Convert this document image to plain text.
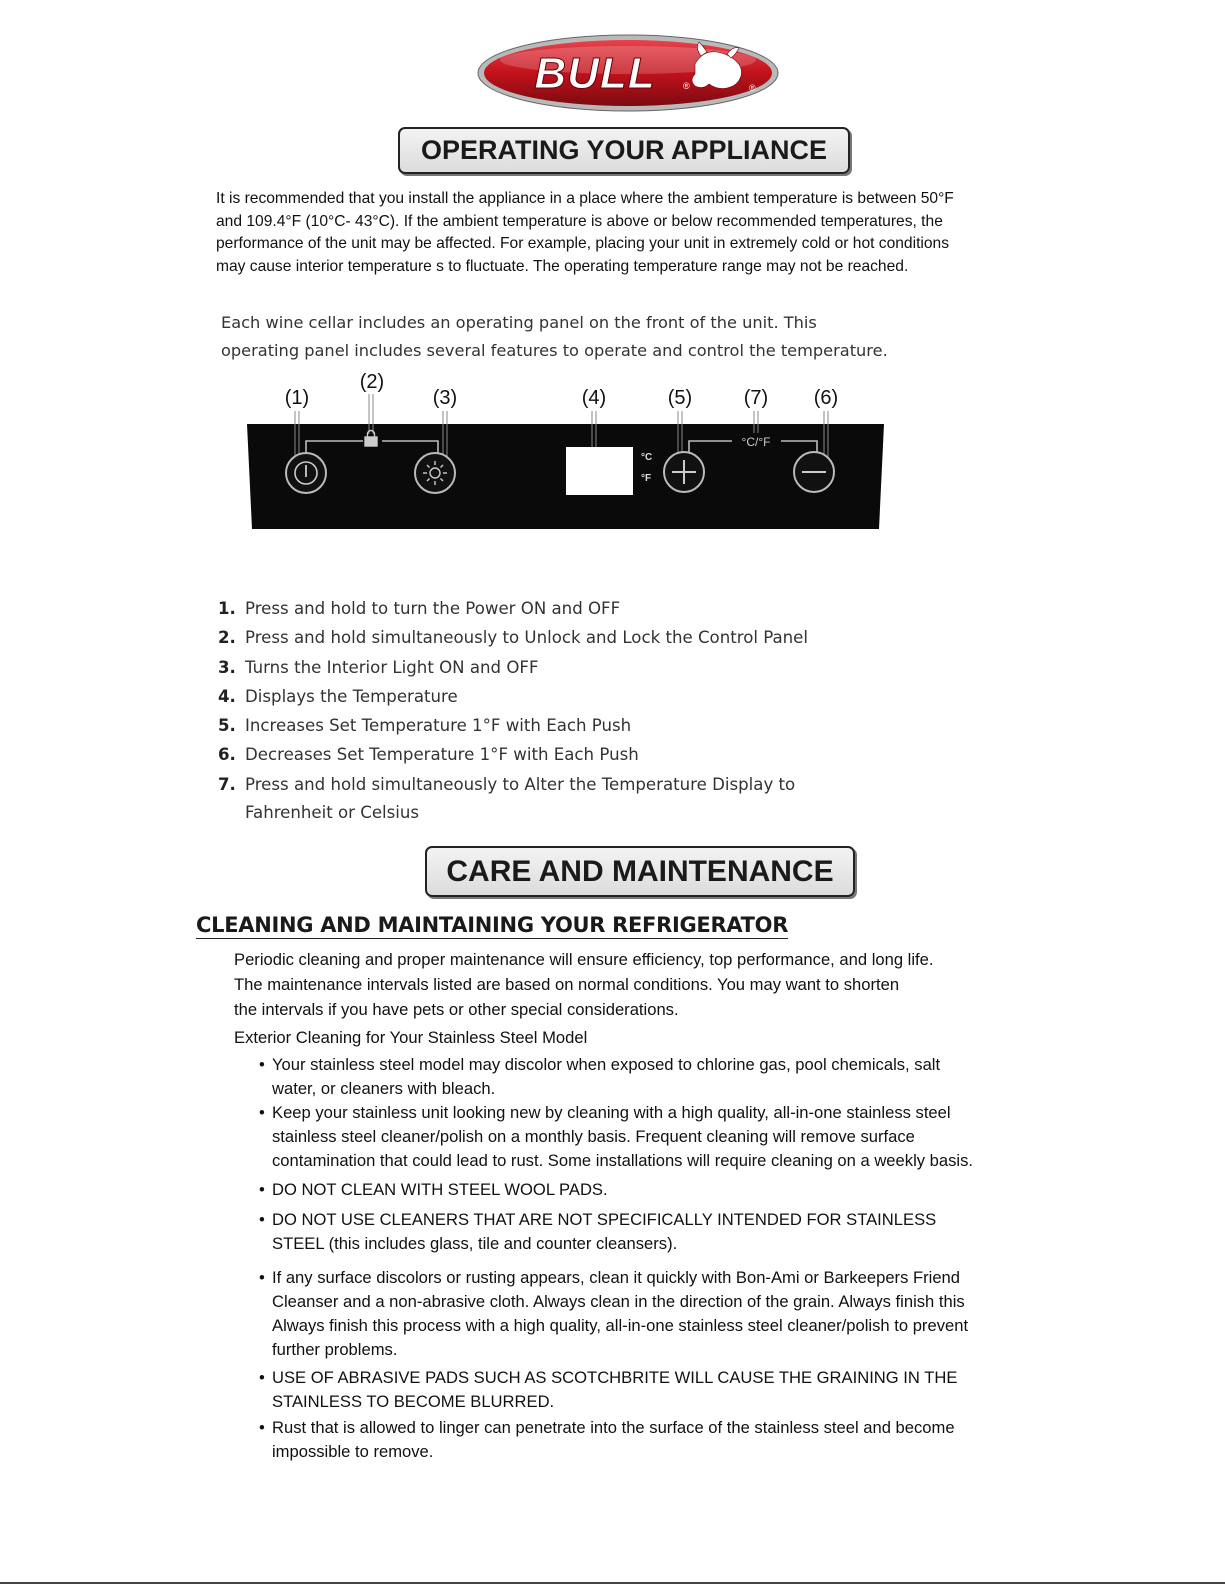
BULL	®	®
OPERATING YOUR APPLIANCE

It is recommended that you install the appliance in a place where the ambient temperature is between 50°F

and 109.4°F (10°C- 43°C). If the ambient temperature is above or below recommended temperatures, the

performance of the unit may be affected. For example, placing your unit in extremely cold or hot conditions

may cause interior temperature s to fluctuate. The operating temperature range may not be reached.

Each wine cellar includes an operating panel on the front of the unit. This

operating panel includes several features to operate and control the temperature.

(1)
(2)
(3)	(4)	(5)	(7) (6)
°C
°F
°C/°F
1. Press and hold to turn the Power ON and OFF
2. Press and hold simultaneously to Unlock and Lock the Control Panel
3. Turns the Interior Light ON and OFF
4. Displays the Temperature
5. Increases Set Temperature 1°F with Each Push
6. Decreases Set Temperature 1°F with Each Push
7. Press and hold simultaneously to Alter the Temperature Display to
Fahrenheit or Celsius
CARE AND MAINTENANCE
CLEANING AND MAINTAINING YOUR REFRIGERATOR

Periodic cleaning and proper maintenance will ensure efficiency, top performance, and long life.

The maintenance intervals listed are based on normal conditions. You may want to shorten

the intervals if you have pets or other special considerations.

Exterior Cleaning for Your Stainless Steel Model
• Your stainless steel model may discolor when exposed to chlorine gas, pool chemicals, salt
water, or cleaners with bleach.
• Keep your stainless unit looking new by cleaning with a high quality, all-in-one stainless steel
stainless steel cleaner/polish on a monthly basis. Frequent cleaning will remove surface
contamination that could lead to rust. Some installations will require cleaning on a weekly basis.
• DO NOT CLEAN WITH STEEL WOOL PADS.
• DO NOT USE CLEANERS THAT ARE NOT SPECIFICALLY INTENDED FOR STAINLESS
STEEL (this includes glass, tile and counter cleansers).
• If any surface discolors or rusting appears, clean it quickly with Bon-Ami or Barkeepers Friend
Cleanser and a non-abrasive cloth. Always clean in the direction of the grain. Always finish this
Always finish this process with a high quality, all-in-one stainless steel cleaner/polish to prevent
further problems.
• USE OF ABRASIVE PADS SUCH AS SCOTCHBRITE WILL CAUSE THE GRAINING IN THE
STAINLESS TO BECOME BLURRED.
• Rust that is allowed to linger can penetrate into the surface of the stainless steel and become
impossible to remove.
